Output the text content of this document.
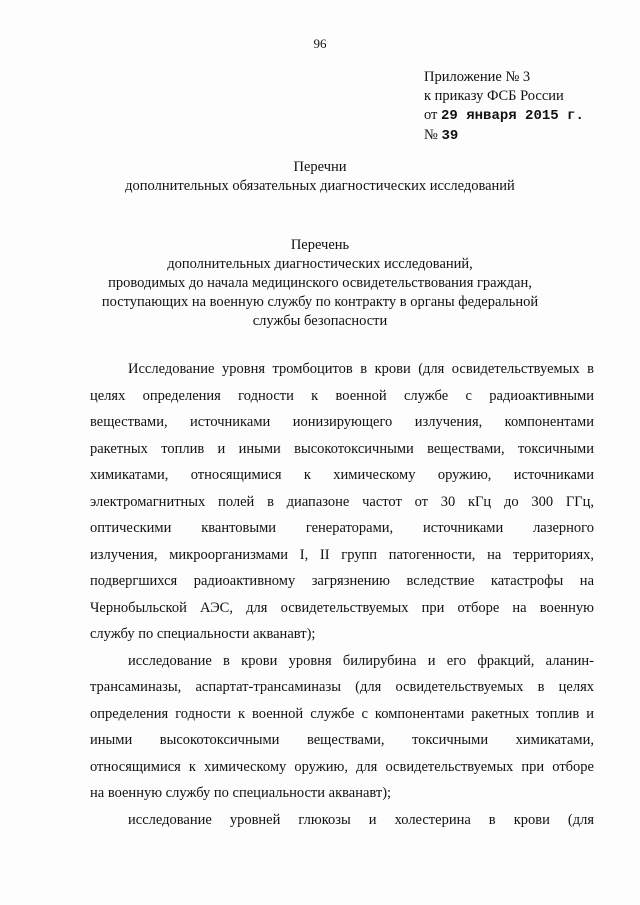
96
Приложение № 3
к приказу ФСБ России
от 29 января 2015 г.
№ 39
Перечни
дополнительных обязательных диагностических исследований
Перечень
дополнительных диагностических исследований,
проводимых до начала медицинского освидетельствования граждан,
поступающих на военную службу по контракту в органы федеральной
службы безопасности
Исследование уровня тромбоцитов в крови (для освидетельствуемых в
целях определения годности к военной службе с радиоактивными
веществами, источниками ионизирующего излучения, компонентами
ракетных топлив и иными высокотоксичными веществами, токсичными
химикатами, относящимися к химическому оружию, источниками
электромагнитных полей в диапазоне частот от 30 кГц до 300 ГГц,
оптическими квантовыми генераторами, источниками лазерного
излучения, микроорганизмами I, II групп патогенности, на территориях,
подвергшихся радиоактивному загрязнению вследствие катастрофы на
Чернобыльской АЭС, для освидетельствуемых при отборе на военную
службу по специальности акванавт);
исследование в крови уровня билирубина и его фракций, аланин-
трансаминазы, аспартат-трансаминазы (для освидетельствуемых в целях
определения годности к военной службе с компонентами ракетных топлив и
иными высокотоксичными веществами, токсичными химикатами,
относящимися к химическому оружию, для освидетельствуемых при отборе
на военную службу по специальности акванавт);
исследование уровней глюкозы и холестерина в крови (для
